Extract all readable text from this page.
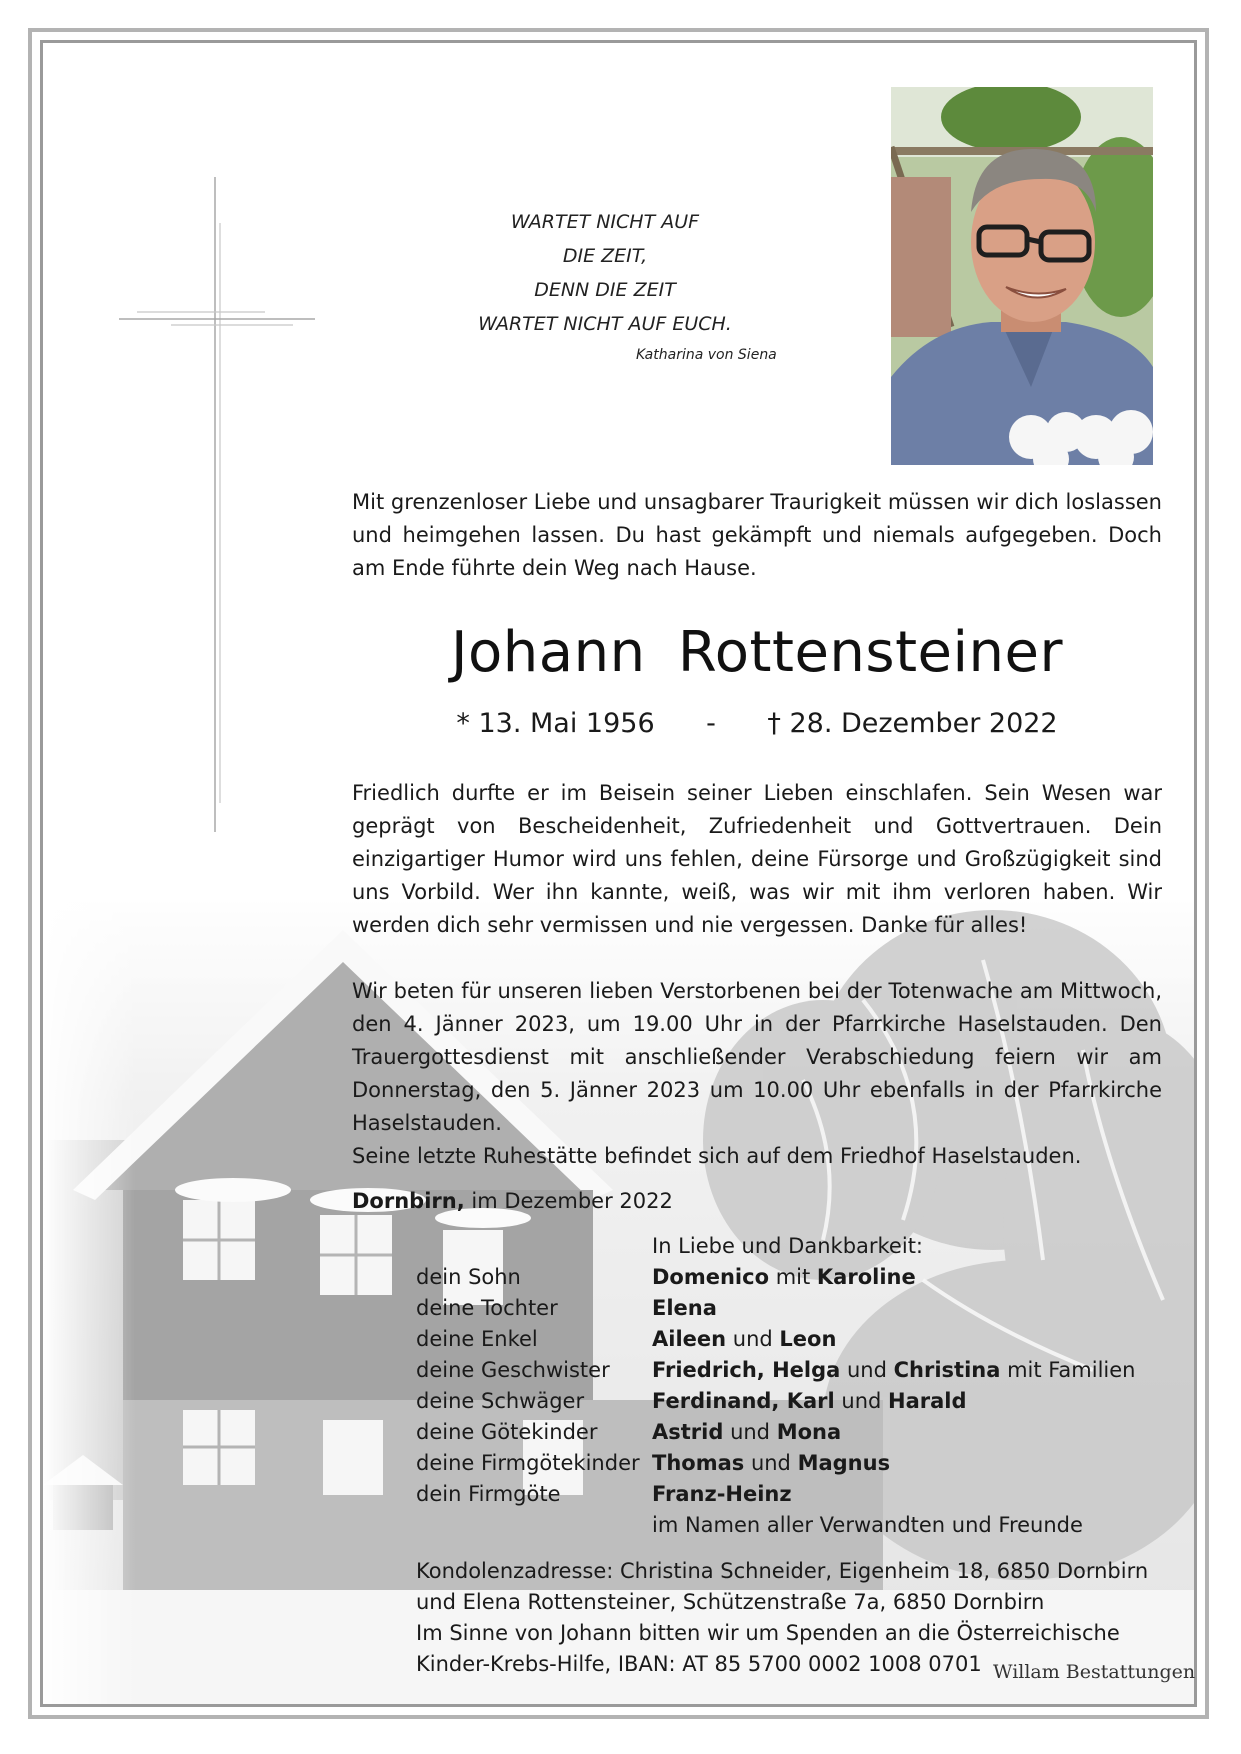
WARTET NICHT AUF
DIE ZEIT,
DENN DIE ZEIT
WARTET NICHT AUF EUCH.
Katharina von Siena
Mit grenzenloser Liebe und unsagbarer Traurigkeit müssen wir dich loslassen und heimgehen lassen. Du hast gekämpft und niemals aufgegeben. Doch am Ende führte dein Weg nach Hause.
Johann Rottensteiner
* 13. Mai 1956 - † 28. Dezember 2022
Friedlich durfte er im Beisein seiner Lieben einschlafen. Sein Wesen war geprägt von Bescheidenheit, Zufriedenheit und Gottvertrauen. Dein einzigartiger Humor wird uns fehlen, deine Fürsorge und Großzügigkeit sind uns Vorbild. Wer ihn kannte, weiß, was wir mit ihm verloren haben. Wir werden dich sehr vermissen und nie vergessen. Danke für alles!
Wir beten für unseren lieben Verstorbenen bei der Totenwache am Mittwoch, den 4. Jänner 2023, um 19.00 Uhr in der Pfarrkirche Haselstauden. Den Trauergottesdienst mit anschließender Verabschiedung feiern wir am Donnerstag, den 5. Jänner 2023 um 10.00 Uhr ebenfalls in der Pfarrkirche Haselstauden.
Seine letzte Ruhestätte befindet sich auf dem Friedhof Haselstauden.
Dornbirn, im Dezember 2022
In Liebe und Dankbarkeit:
Domenico mit Karoline
Elena
Aileen und Leon
Friedrich, Helga und Christina mit Familien
Ferdinand, Karl und Harald
Astrid und Mona
Thomas und Magnus
Franz-Heinz
im Namen aller Verwandten und Freunde
dein Sohn
deine Tochter
deine Enkel
deine Geschwister
deine Schwäger
deine Götekinder
deine Firmgötekinder
dein Firmgöte
Kondolenzadresse: Christina Schneider, Eigenheim 18, 6850 Dornbirn
und Elena Rottensteiner, Schützenstraße 7a, 6850 Dornbirn
Im Sinne von Johann bitten wir um Spenden an die Österreichische
Kinder-Krebs-Hilfe, IBAN: AT 85 5700 0002 1008 0701 Willam Bestattungen
